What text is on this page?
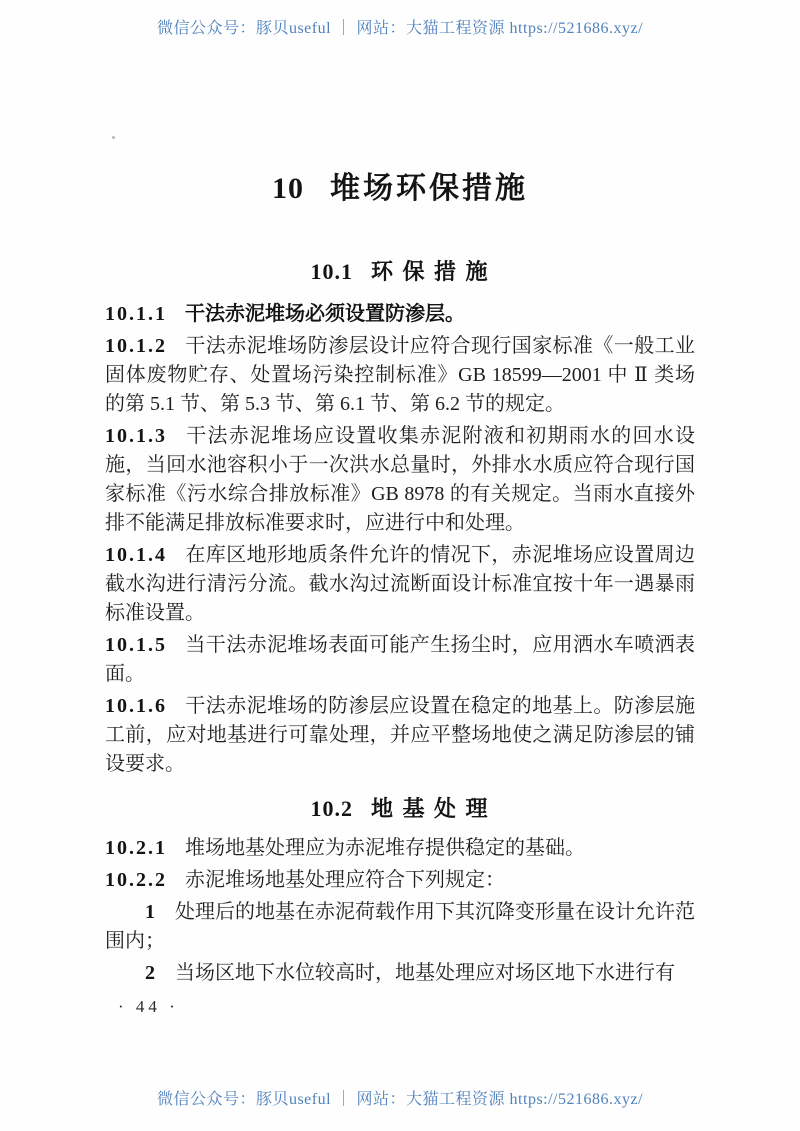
微信公众号：豚贝useful ｜ 网站：大猫工程资源 https://521686.xyz/
10 堆场环保措施
10.1 环 保 措 施
10.1.1 干法赤泥堆场必须设置防渗层。
10.1.2 干法赤泥堆场防渗层设计应符合现行国家标准《一般工业固体废物贮存、处置场污染控制标准》GB 18599—2001 中 Ⅱ 类场的第 5.1 节、第 5.3 节、第 6.1 节、第 6.2 节的规定。
10.1.3 干法赤泥堆场应设置收集赤泥附液和初期雨水的回水设施，当回水池容积小于一次洪水总量时，外排水水质应符合现行国家标准《污水综合排放标准》GB 8978 的有关规定。当雨水直接外排不能满足排放标准要求时，应进行中和处理。
10.1.4 在库区地形地质条件允许的情况下，赤泥堆场应设置周边截水沟进行清污分流。截水沟过流断面设计标准宜按十年一遇暴雨标准设置。
10.1.5 当干法赤泥堆场表面可能产生扬尘时，应用洒水车喷洒表面。
10.1.6 干法赤泥堆场的防渗层应设置在稳定的地基上。防渗层施工前，应对地基进行可靠处理，并应平整场地使之满足防渗层的铺设要求。
10.2 地 基 处 理
10.2.1 堆场地基处理应为赤泥堆存提供稳定的基础。
10.2.2 赤泥堆场地基处理应符合下列规定：
1 处理后的地基在赤泥荷载作用下其沉降变形量在设计允许范围内；
2 当场区地下水位较高时，地基处理应对场区地下水进行有
· 44 ·
微信公众号：豚贝useful ｜ 网站：大猫工程资源 https://521686.xyz/
